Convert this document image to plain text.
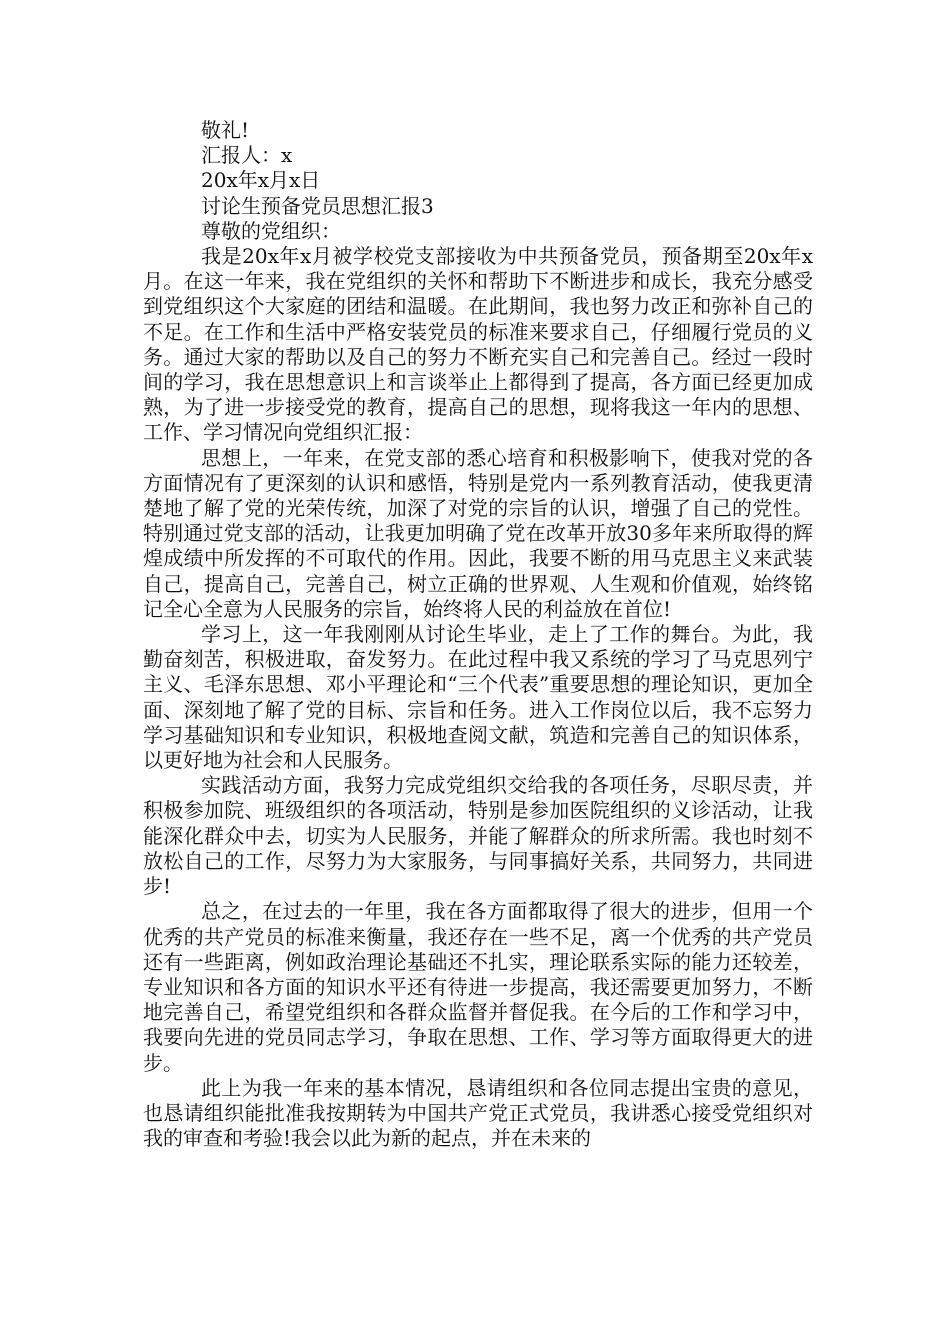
敬礼!

汇报人：x

20x年x月x日

讨论生预备党员思想汇报3

尊敬的党组织：

我是20x年x月被学校党支部接收为中共预备党员，预备期至20x年x月。在这一年来，我在党组织的关怀和帮助下不断进步和成长，我充分感受到党组织这个大家庭的团结和温暖。在此期间，我也努力改正和弥补自己的不足。在工作和生活中严格安装党员的标准来要求自己，仔细履行党员的义务。通过大家的帮助以及自己的努力不断充实自己和完善自己。经过一段时间的学习，我在思想意识上和言谈举止上都得到了提高，各方面已经更加成熟，为了进一步接受党的教育，提高自己的思想，现将我这一年内的思想、工作、学习情况向党组织汇报：

思想上，一年来，在党支部的悉心培育和积极影响下，使我对党的各方面情况有了更深刻的认识和感悟，特别是党内一系列教育活动，使我更清楚地了解了党的光荣传统，加深了对党的宗旨的认识，增强了自己的党性。特别通过党支部的活动，让我更加明确了党在改革开放30多年来所取得的辉煌成绩中所发挥的不可取代的作用。因此，我要不断的用马克思主义来武装自己，提高自己，完善自己，树立正确的世界观、人生观和价值观，始终铭记全心全意为人民服务的宗旨，始终将人民的利益放在首位!

学习上，这一年我刚刚从讨论生毕业，走上了工作的舞台。为此，我勤奋刻苦，积极进取，奋发努力。在此过程中我又系统的学习了马克思列宁主义、毛泽东思想、邓小平理论和“三个代表”重要思想的理论知识，更加全面、深刻地了解了党的目标、宗旨和任务。进入工作岗位以后，我不忘努力学习基础知识和专业知识，积极地查阅文献，筑造和完善自己的知识体系，以更好地为社会和人民服务。

实践活动方面，我努力完成党组织交给我的各项任务，尽职尽责，并积极参加院、班级组织的各项活动，特别是参加医院组织的义诊活动，让我能深化群众中去，切实为人民服务，并能了解群众的所求所需。我也时刻不放松自己的工作，尽努力为大家服务，与同事搞好关系，共同努力，共同进步!

总之，在过去的一年里，我在各方面都取得了很大的进步，但用一个优秀的共产党员的标准来衡量，我还存在一些不足，离一个优秀的共产党员还有一些距离，例如政治理论基础还不扎实，理论联系实际的能力还较差，专业知识和各方面的知识水平还有待进一步提高，我还需要更加努力，不断地完善自己，希望党组织和各群众监督并督促我。在今后的工作和学习中，我要向先进的党员同志学习，争取在思想、工作、学习等方面取得更大的进步。

此上为我一年来的基本情况，恳请组织和各位同志提出宝贵的意见，也恳请组织能批准我按期转为中国共产党正式党员，我讲悉心接受党组织对我的审查和考验!我会以此为新的起点，并在未来的
